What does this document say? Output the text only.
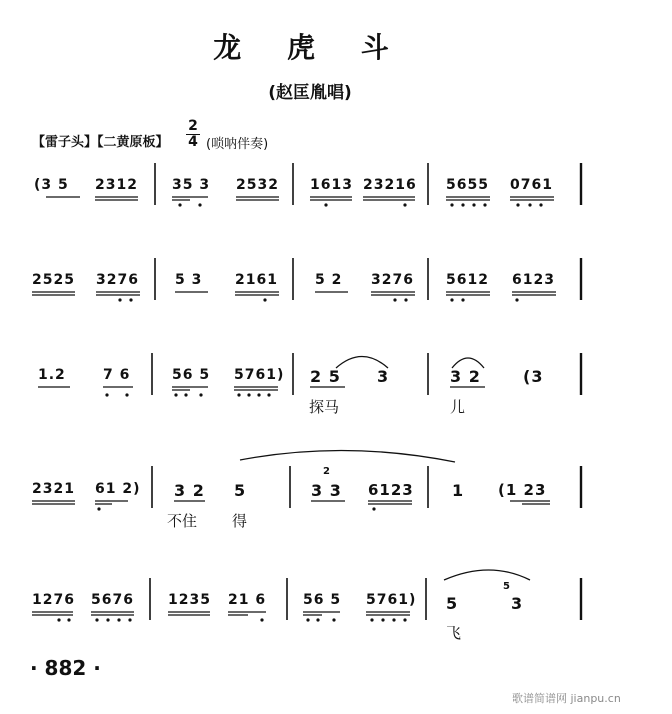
龙 虎 斗
(赵匡胤唱)
【雷子头】【二黄原板】
2
4 (唢呐伴奏)
(3 5 2312 35 3 2532 1613 23216 5655 0761
2525 3276	5 3 2161	5 2 3276 5612 6123
1.2	7 6	56 5 5761) 2 5 3	3 2	(3
探马	儿
2321 61 2) 3 2 5	3 3
2
6123 1 (1 23
不住 得
1276 5676 1235 21 6	56 5 5761) 5	3
5
飞
· 882 ·
歌谱简谱网 jianpu.cn
